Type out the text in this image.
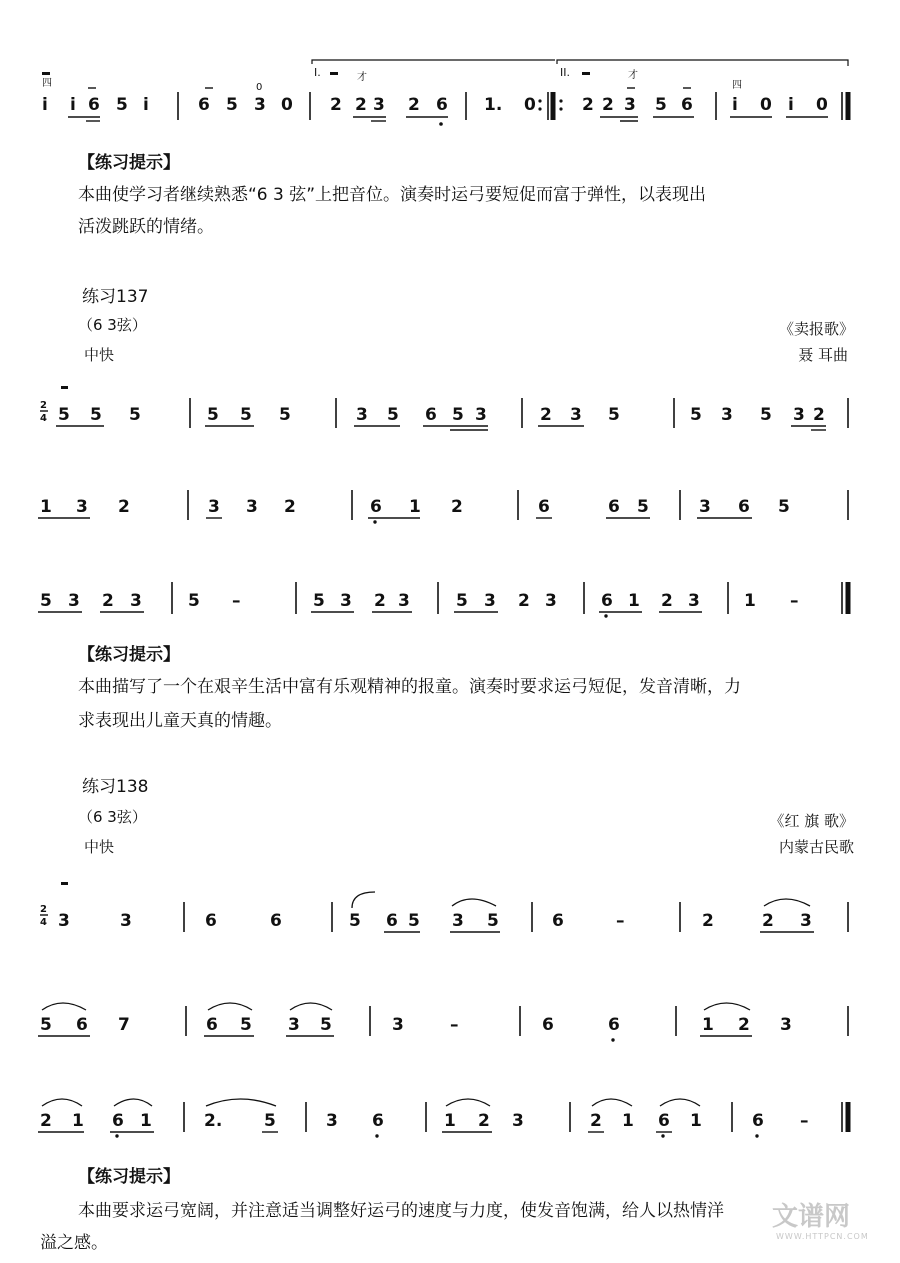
I.	II.
四	0
才	才
四
i i 6 5 i	6 5 3 0 2 2 3 2 6 1. 0	2 2 3 5 6 i 0 i 0
【练习提示】
本曲使学习者继续熟悉“6 3 弦”上把音位。演奏时运弓要短促而富于弹性，以表现出
活泼跳跃的情绪。
练习137
（6 3弦）
中快
《卖报歌》
聂 耳曲
2
4 5 5 5	5 5 5	3 5 6 5 3	2 3 5	5 3 5 3 2
1 3 2	3 3 2	6 1 2	6	6 5	3 6 5
5 3 2 3	5 –	5 3 2 3	5 3 2 3	6 1 2 3	1 –
【练习提示】
本曲描写了一个在艰辛生活中富有乐观精神的报童。演奏时要求运弓短促，发音清晰，力
求表现出儿童天真的情趣。
练习138
（6 3弦）
中快
《红 旗 歌》
内蒙古民歌
2
4 3	3	6	6	5 6 5 3 5	6	–	2	2 3
5 6 7	6 5 3 5	3	–	6	6	1 2 3
2 1 6 1	2. 5	3 6	1 2 3	2 1 6 1	6 –
【练习提示】
本曲要求运弓宽阔，并注意适当调整好运弓的速度与力度，使发音饱满，给人以热情洋
溢之感。
文谱网
WWW.HTTPCN.COM
